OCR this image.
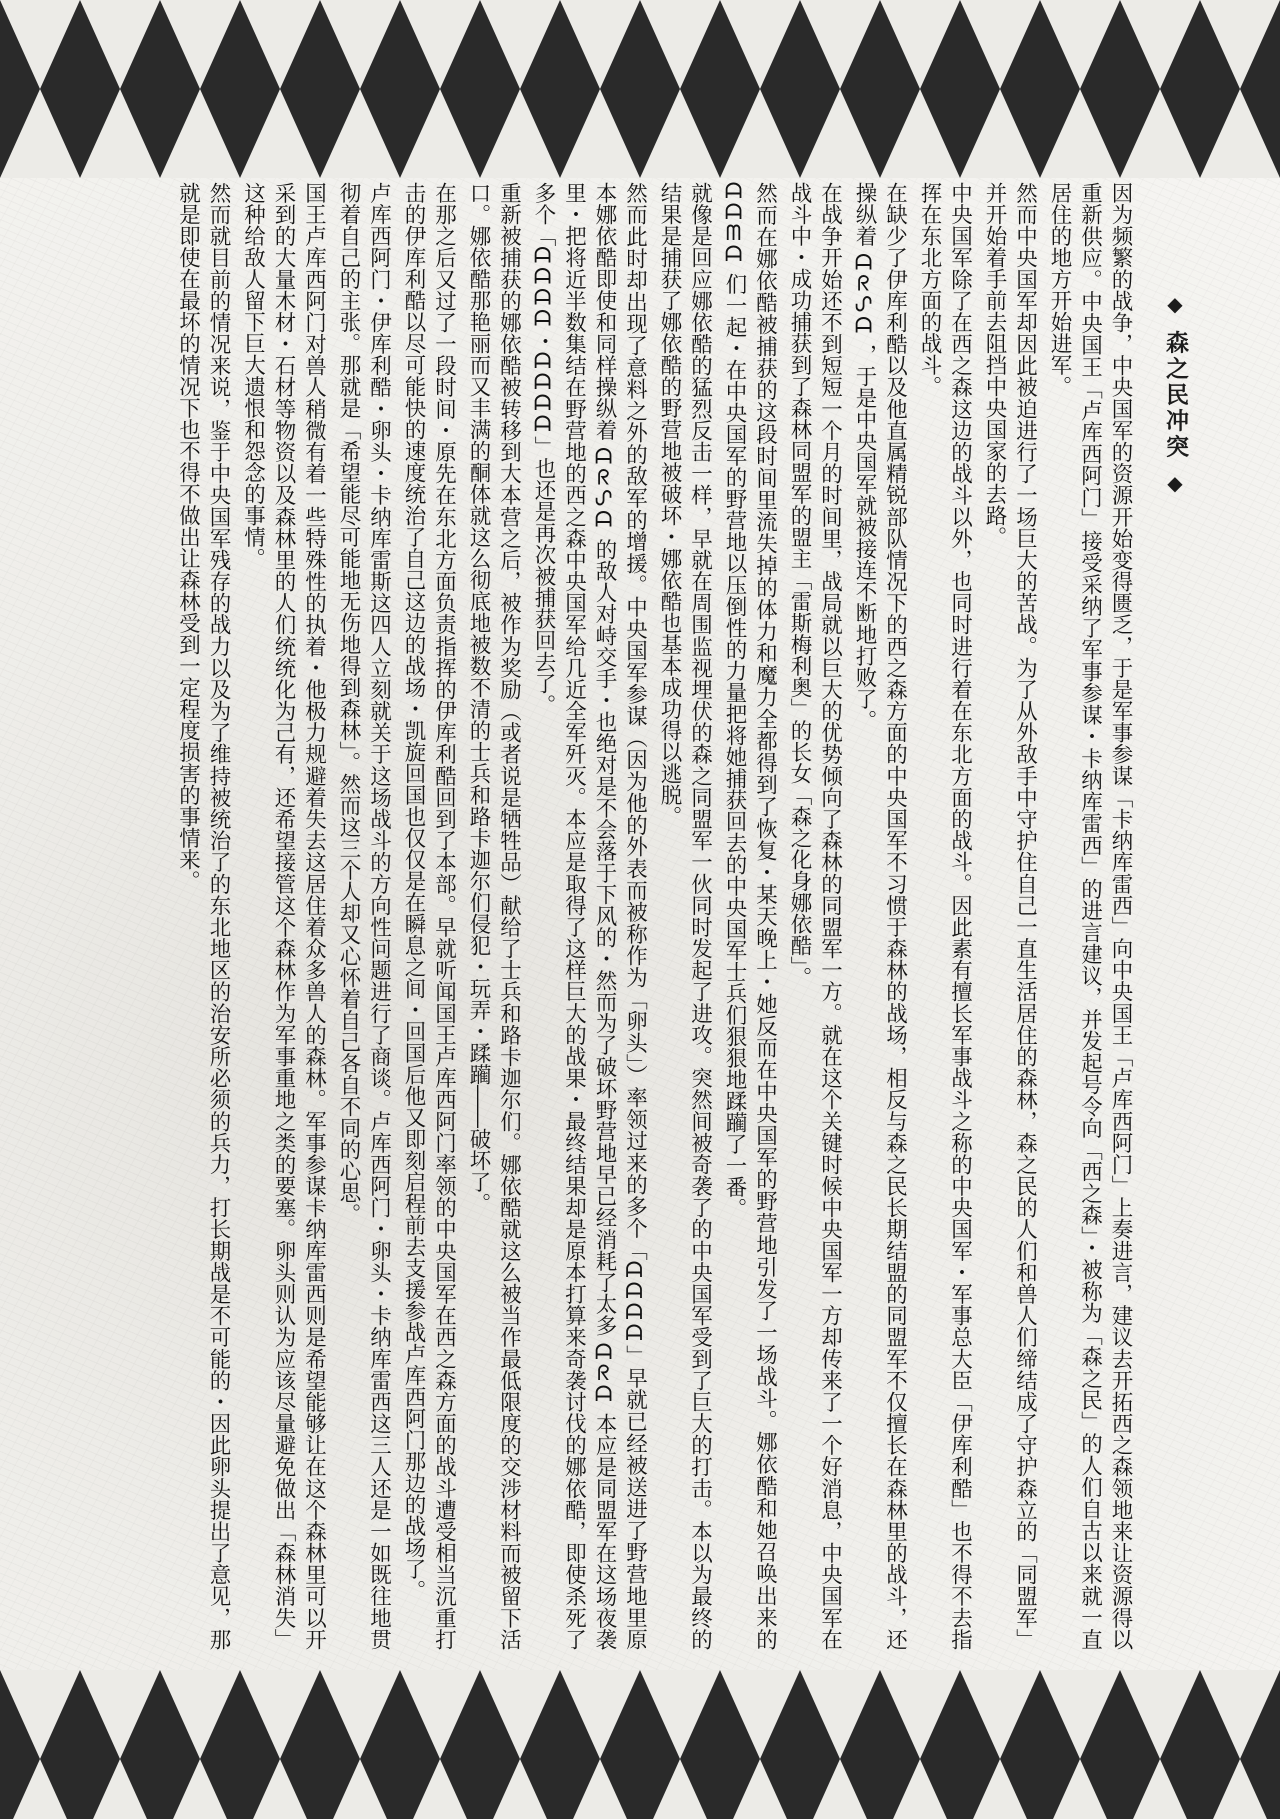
◆ 森之民冲突 ◆

因为频繁的战争，中央国军的资源开始变得匮乏，于是军事参谋「卡纳库雷西」向中央国王「卢库西阿门」上奏进言，建议去开拓西之森领地来让资源得以重新供应。中央国王「卢库西阿门」接受采纳了军事参谋・卡纳库雷西」的进言建议，并发起号令向「西之森」・被称为「森之民」的人们自古以来就一直居住的地方开始进军。

然而中央国军却因此被迫进行了一场巨大的苦战。为了从外敌手中守护住自己一直生活居住的森林，森之民的人们和兽人们缔结成了守护森立的「同盟军」并开始着手前去阻挡中央国家的去路。

中央国军除了在西之森这边的战斗以外，也同时进行着在东北方面的战斗。因此素有擅长军事战斗之称的中央国军・军事总大臣「伊库利酷」也不得不去指挥在东北方面的战斗。

在缺少了伊库利酷以及他直属精锐部队情况下的西之森方面的中央国军不习惯于森林的战场，相反与森之民长期结盟的同盟军不仅擅长在森林里的战斗，还操纵着 ᗩᖇᔑᗩ ，于是中央国军就被接连不断地打败了。

在战争开始还不到短短一个月的时间里，战局就以巨大的优势倾向了森林的同盟军一方。就在这个关键时候中央国军一方却传来了一个好消息，中央国军在战斗中・成功捕获到了森林同盟军的盟主「雷斯梅利奥」的长女「森之化身娜依酷」。

然而在娜依酷被捕获的这段时间里流失掉的体力和魔力全都得到了恢复・某天晚上・她反而在中央国军的野营地引发了一场战斗。娜依酷和她召唤出来的 ᗩᗩᗰᗩ 们一起・在中央国军的野营地以压倒性的力量把将她捕获回去的中央国军士兵们狠狠地蹂躏了一番。

就像是回应娜依酷的猛烈反击一样，早就在周围监视埋伏的森之同盟军一伙同时发起了进攻。突然间被奇袭了的中央国军受到了巨大的打击。本以为最终的结果是捕获了娜依酷的野营地被破坏・娜依酷也基本成功得以逃脱。

然而此时却出现了意料之外的敌军的增援。中央国军参谋（因为他的外表而被称作为「卵头」）率领过来的多个「ᗩᗩᗩᗩ」早就已经被送进了野营地里原本娜依酷即使和同样操纵着 ᗩᖇᔑᗩ 的敌人对峙交手・也绝对是不会落于下风的・然而为了破坏野营地早已经消耗了太多 ᗩᖇᗩ 本应是同盟军在这场夜袭里・把将近半数集结在野营地的西之森中央国军给几近全军歼灭。本应是取得了这样巨大的战果・最终结果却是原本打算来奇袭讨伐的娜依酷，即使杀死了多个「ᗩᗩᗩᗩ・ᗩᗩᗩᗩ」也还是再次被捕获回去了。

重新被捕获的娜依酷被转移到大本营之后，被作为奖励（或者说是牺牲品）献给了士兵和路卡迦尔们。娜依酷就这么被当作最低限度的交涉材料而被留下活口。娜依酷那艳丽而又丰满的酮体就这么彻底地被数不清的士兵和路卡迦尔们侵犯・玩弄・蹂躏――破坏了。

在那之后又过了一段时间・原先在东北方面负责指挥的伊库利酷回到了本部。早就听闻国王卢库西阿门率领的中央国军在西之森方面的战斗遭受相当沉重打击的伊库利酷以尽可能快的速度统治了自己这边的战场・凯旋回国也仅仅是在瞬息之间・回国后他又即刻启程前去支援参战卢库西阿门那边的战场了。

卢库西阿门・伊库利酷・卵头・卡纳库雷斯这四人立刻就关于这场战斗的方向性问题进行了商谈。卢库西阿门・卵头・卡纳库雷西这三人还是一如既往地贯彻着自己的主张。那就是「希望能尽可能地无伤地得到森林」。然而这三个人却又心怀着自己各自不同的心思。

国王卢库西阿门对兽人稍微有着一些特殊性的执着・他极力规避着失去这居住着众多兽人的森林。军事参谋卡纳库雷西则是希望能够让在这个森林里可以开采到的大量木材・石材等物资以及森林里的人们统统化为己有，还希望接管这个森林作为军事重地之类的要塞。卵头则认为应该尽量避免做出「森林消失」这种给敌人留下巨大遗恨和怨念的事情。

然而就目前的情况来说，鉴于中央国军残存的战力以及为了维持被统治了的东北地区的治安所必须的兵力，打长期战是不可能的・因此卵头提出了意见，那就是即使在最坏的情况下也不得不做出让森林受到一定程度损害的事情来。
